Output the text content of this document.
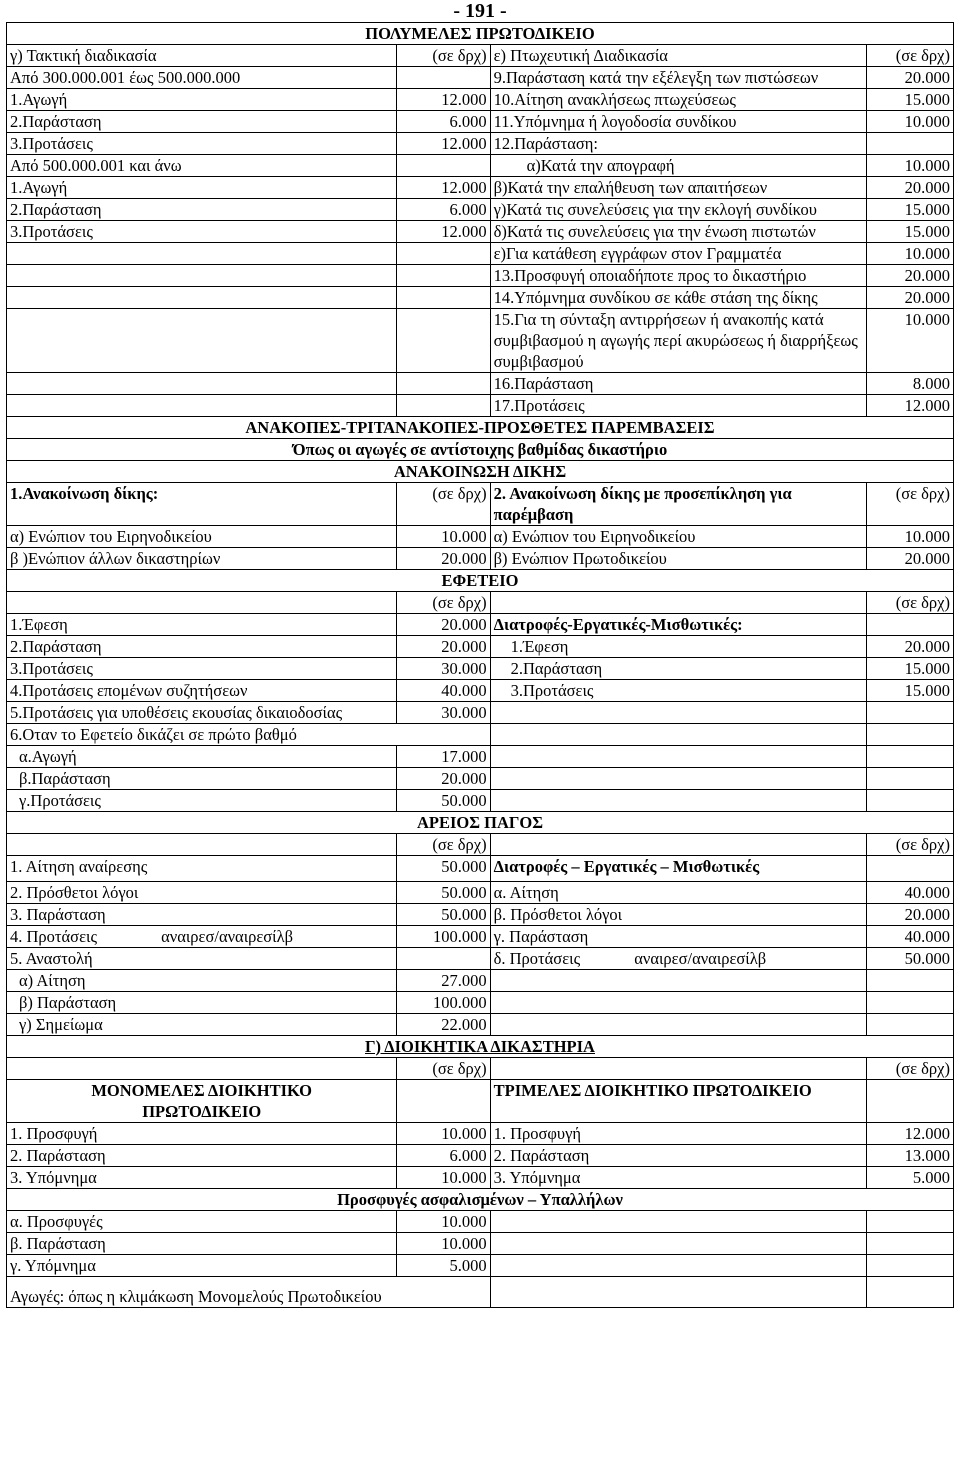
- 191 -
ΠΟΛΥΜΕΛΕΣ ΠΡΩΤΟΔΙΚΕΙΟ			
γ) Τακτική διαδικασία	(σε δρχ)	ε) Πτωχευτική Διαδικασία	(σε δρχ)
Από 300.000.001 έως 500.000.000		9.Παράσταση κατά την εξέλεγξη των πιστώσεων	20.000
1.Αγωγή	12.000	10.Αίτηση ανακλήσεως πτωχεύσεως	15.000
2.Παράσταση	6.000	11.Υπόμνημα ή λογοδοσία συνδίκου	10.000
3.Προτάσεις	12.000	12.Παράσταση:	
Από 500.000.001 και άνω		α)Κατά την απογραφή	10.000
1.Αγωγή	12.000	β)Κατά την επαλήθευση των απαιτήσεων	20.000
2.Παράσταση	6.000	γ)Κατά τις συνελεύσεις για την εκλογή συνδίκου	15.000
3.Προτάσεις	12.000	δ)Κατά τις συνελεύσεις για την ένωση πιστωτών	15.000
		ε)Για κατάθεση εγγράφων στον Γραμματέα	10.000
		13.Προσφυγή οποιαδήποτε προς το δικαστήριο	20.000
		14.Υπόμνημα συνδίκου σε κάθε στάση της δίκης	20.000
		15.Για τη σύνταξη αντιρρήσεων ή ανακοπής κατά συμβιβασμού η αγωγής περί ακυρώσεως ή διαρρήξεως συμβιβασμού	10.000
		16.Παράσταση	8.000
		17.Προτάσεις	12.000
ΑΝΑΚΟΠΕΣ-ΤΡΙΤΑΝΑΚΟΠΕΣ-ΠΡΟΣΘΕΤΕΣ ΠΑΡΕΜΒΑΣΕΙΣ			
Όπως οι αγωγές σε αντίστοιχης βαθμίδας δικαστήριο			
ΑΝΑΚΟΙΝΩΣΗ ΔΙΚΗΣ			
1.Ανακοίνωση δίκης:	(σε δρχ)	2. Ανακοίνωση δίκης με προσεπίκληση για παρέμβαση	(σε δρχ)
α) Ενώπιον του Ειρηνοδικείου	10.000	α) Ενώπιον του Ειρηνοδικείου	10.000
β )Ενώπιον άλλων δικαστηρίων	20.000	β) Ενώπιον Πρωτοδικείου	20.000
ΕΦΕΤΕΙΟ			
	(σε δρχ)		(σε δρχ)
1.Έφεση	20.000	Διατροφές-Εργατικές-Μισθωτικές:	
2.Παράσταση	20.000	1.Έφεση	20.000
3.Προτάσεις	30.000	2.Παράσταση	15.000
4.Προτάσεις επομένων συζητήσεων	40.000	3.Προτάσεις	15.000
5.Προτάσεις για υποθέσεις εκουσίας δικαιοδοσίας	30.000		
6.Οταν το Εφετείο δικάζει σε πρώτο βαθμό			
α.Αγωγή	17.000		
β.Παράσταση	20.000		
γ.Προτάσεις	50.000		
ΑΡΕΙΟΣ ΠΑΓΟΣ			
	(σε δρχ)		(σε δρχ)
1. Αίτηση αναίρεσης	50.000	Διατροφές – Εργατικές – Μισθωτικές	
2. Πρόσθετοι λόγοι	50.000	α. Αίτηση	40.000
3. Παράσταση	50.000	β. Πρόσθετοι λόγοι	20.000
4. Προτάσεις αναιρεσ/αναιρεσίλβ	100.000	γ. Παράσταση	40.000
5. Αναστολή		δ. Προτάσεις αναιρεσ/αναιρεσίλβ	50.000
α) Αίτηση	27.000		
β) Παράσταση	100.000		
γ) Σημείωμα	22.000		
Γ) ΔΙΟΙΚΗΤΙΚΑ ΔΙΚΑΣΤΗΡΙΑ			
	(σε δρχ)		(σε δρχ)
ΜΟΝΟΜΕΛΕΣ ΔΙΟΙΚΗΤΙΚΟ ΠΡΩΤΟΔΙΚΕΙΟ		ΤΡΙΜΕΛΕΣ ΔΙΟΙΚΗΤΙΚΟ ΠΡΩΤΟΔΙΚΕΙΟ	
1. Προσφυγή	10.000	1. Προσφυγή	12.000
2. Παράσταση	6.000	2. Παράσταση	13.000
3. Υπόμνημα	10.000	3. Υπόμνημα	5.000
Προσφυγές ασφαλισμένων – Υπαλλήλων			
α. Προσφυγές	10.000		
β. Παράσταση	10.000		
γ. Υπόμνημα	5.000		
Αγωγές: όπως η κλιμάκωση Μονομελούς Πρωτοδικείου			
